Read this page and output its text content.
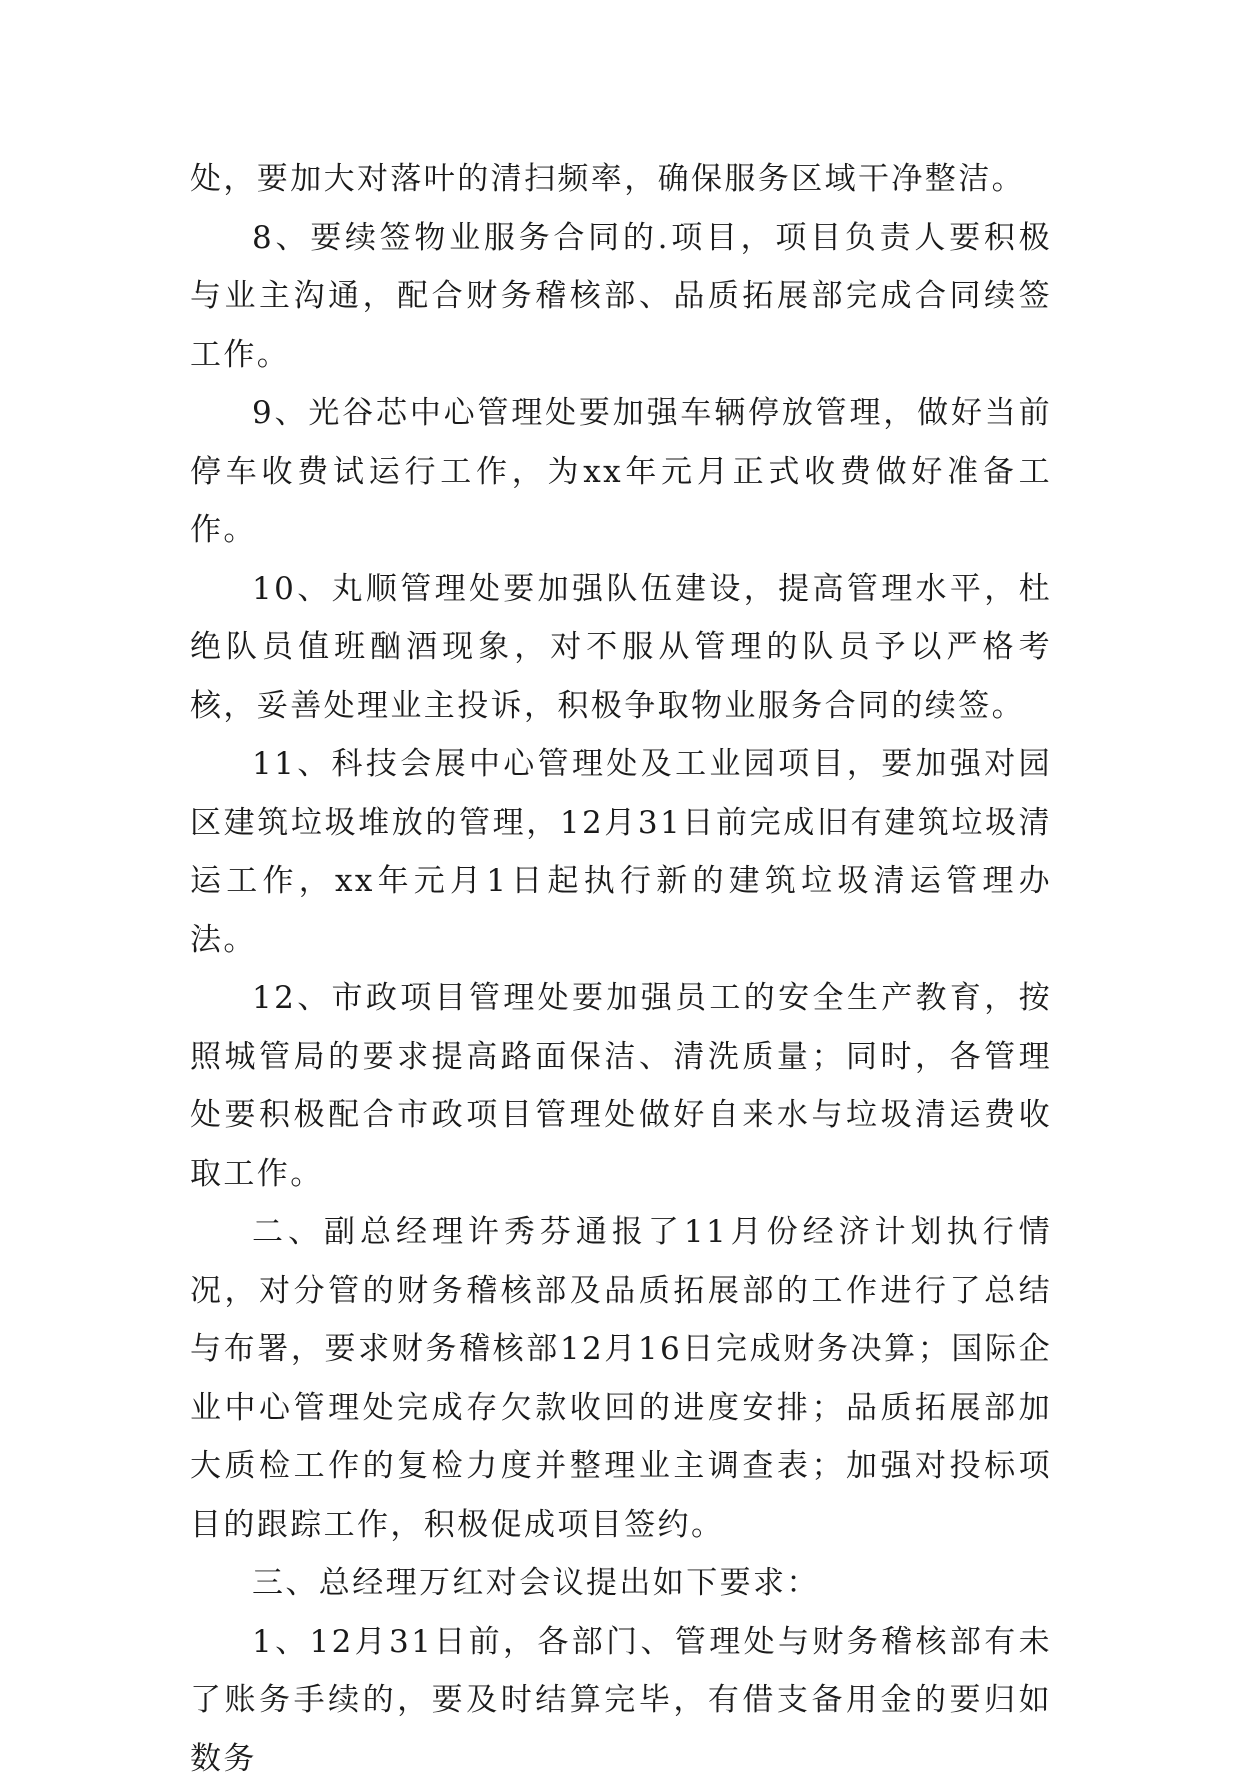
处，要加大对落叶的清扫频率，确保服务区域干净整洁。

8、要续签物业服务合同的.项目，项目负责人要积极与业主沟通，配合财务稽核部、品质拓展部完成合同续签工作。

9、光谷芯中心管理处要加强车辆停放管理，做好当前停车收费试运行工作，为xx年元月正式收费做好准备工作。

10、丸顺管理处要加强队伍建设，提高管理水平，杜绝队员值班酗酒现象，对不服从管理的队员予以严格考核，妥善处理业主投诉，积极争取物业服务合同的续签。

11、科技会展中心管理处及工业园项目，要加强对园区建筑垃圾堆放的管理，12月31日前完成旧有建筑垃圾清运工作，xx年元月1日起执行新的建筑垃圾清运管理办法。

12、市政项目管理处要加强员工的安全生产教育，按照城管局的要求提高路面保洁、清洗质量；同时，各管理处要积极配合市政项目管理处做好自来水与垃圾清运费收取工作。

二、副总经理许秀芬通报了11月份经济计划执行情况，对分管的财务稽核部及品质拓展部的工作进行了总结与布署，要求财务稽核部12月16日完成财务决算；国际企业中心管理处完成存欠款收回的进度安排；品质拓展部加大质检工作的复检力度并整理业主调查表；加强对投标项目的跟踪工作，积极促成项目签约。

三、总经理万红对会议提出如下要求：

1、12月31日前，各部门、管理处与财务稽核部有未了账务手续的，要及时结算完毕，有借支备用金的要归如数务
